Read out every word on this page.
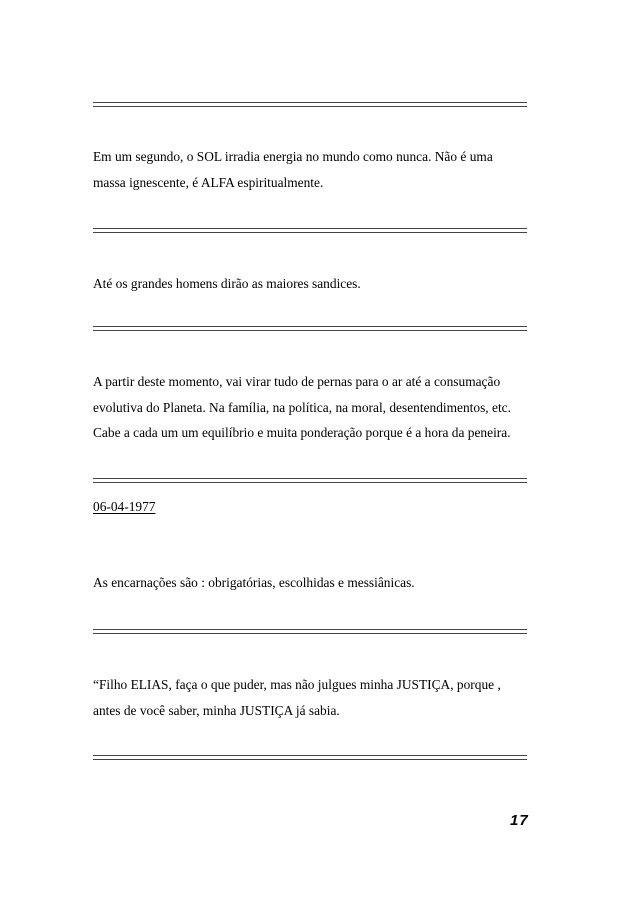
Em um segundo, o SOL irradia energia no mundo como nunca. Não é uma

massa ignescente, é ALFA espiritualmente.

Até os grandes homens dirão as maiores sandices.

A partir deste momento, vai virar tudo de pernas para o ar até a consumação

evolutiva do Planeta. Na família, na política, na moral, desentendimentos, etc.

Cabe a cada um um equilíbrio e muita ponderação porque é a hora da peneira.

06-04-1977

As encarnações são : obrigatórias, escolhidas e messiânicas.

“Filho ELIAS, faça o que puder, mas não julgues minha JUSTIÇA, porque ,

antes de você saber, minha JUSTIÇA já sabia.

17
